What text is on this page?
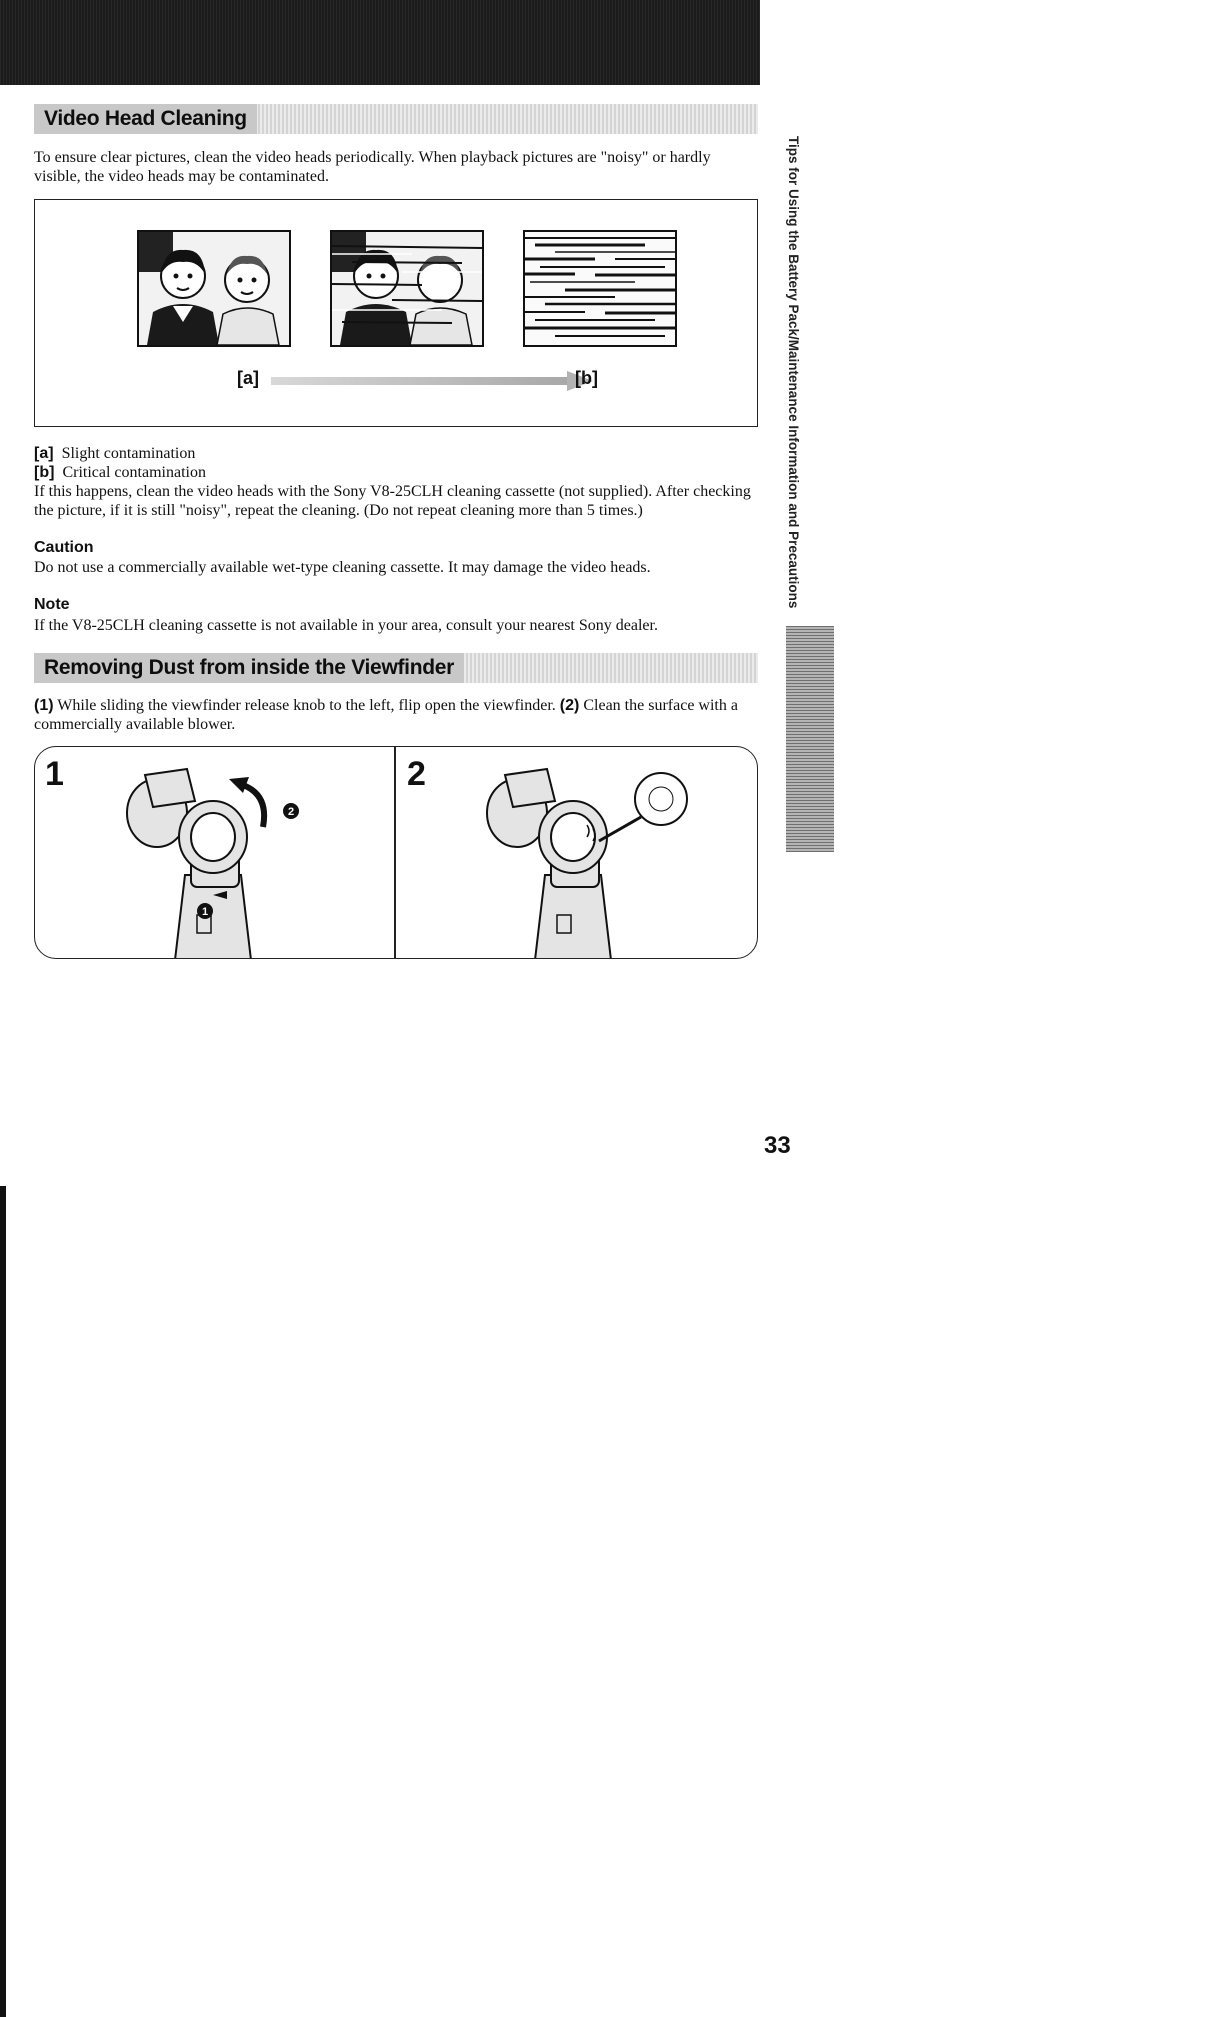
Video Head Cleaning

To ensure clear pictures, clean the video heads periodically. When playback pictures are "noisy" or hardly visible, the video heads may be contaminated.

[a]	[b]
[a] Slight contamination
[b] Critical contamination
If this happens, clean the video heads with the Sony V8-25CLH cleaning cassette (not supplied). After checking the picture, if it is still "noisy", repeat the cleaning. (Do not repeat cleaning more than 5 times.)
Caution

Do not use a commercially available wet-type cleaning cassette. It may damage the video heads.

Note

If the V8-25CLH cleaning cassette is not available in your area, consult your nearest Sony dealer.

Removing Dust from inside the Viewfinder

(1) While sliding the viewfinder release knob to the left, flip open the viewfinder. (2) Clean the surface with a commercially available blower.

1
2
1
2
Tips for Using the Battery Pack/Maintenance Information and Precautions
33
